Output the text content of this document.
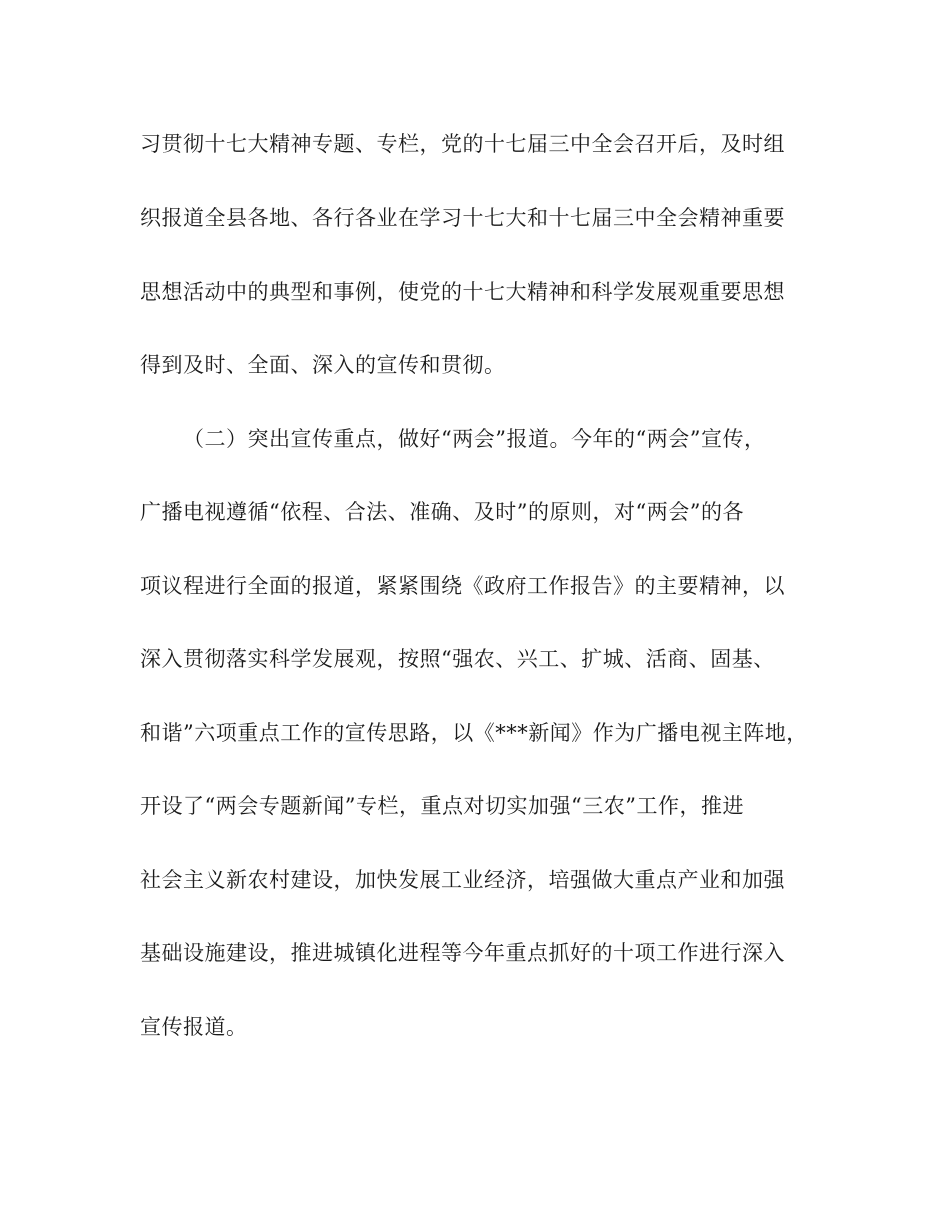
习贯彻十七大精神专题、专栏，党的十七届三中全会召开后，及时组
织报道全县各地、各行各业在学习十七大和十七届三中全会精神重要
思想活动中的典型和事例，使党的十七大精神和科学发展观重要思想
得到及时、全面、深入的宣传和贯彻。
（二）突出宣传重点，做好“两会”报道。今年的“两会”宣传，
广播电视遵循“依程、合法、准确、及时”的原则，对“两会”的各
项议程进行全面的报道，紧紧围绕《政府工作报告》的主要精神，以
深入贯彻落实科学发展观，按照“强农、兴工、扩城、活商、固基、
和谐”六项重点工作的宣传思路，以《***新闻》作为广播电视主阵地，
开设了“两会专题新闻”专栏，重点对切实加强“三农”工作，推进
社会主义新农村建设，加快发展工业经济，培强做大重点产业和加强
基础设施建设，推进城镇化进程等今年重点抓好的十项工作进行深入
宣传报道。
